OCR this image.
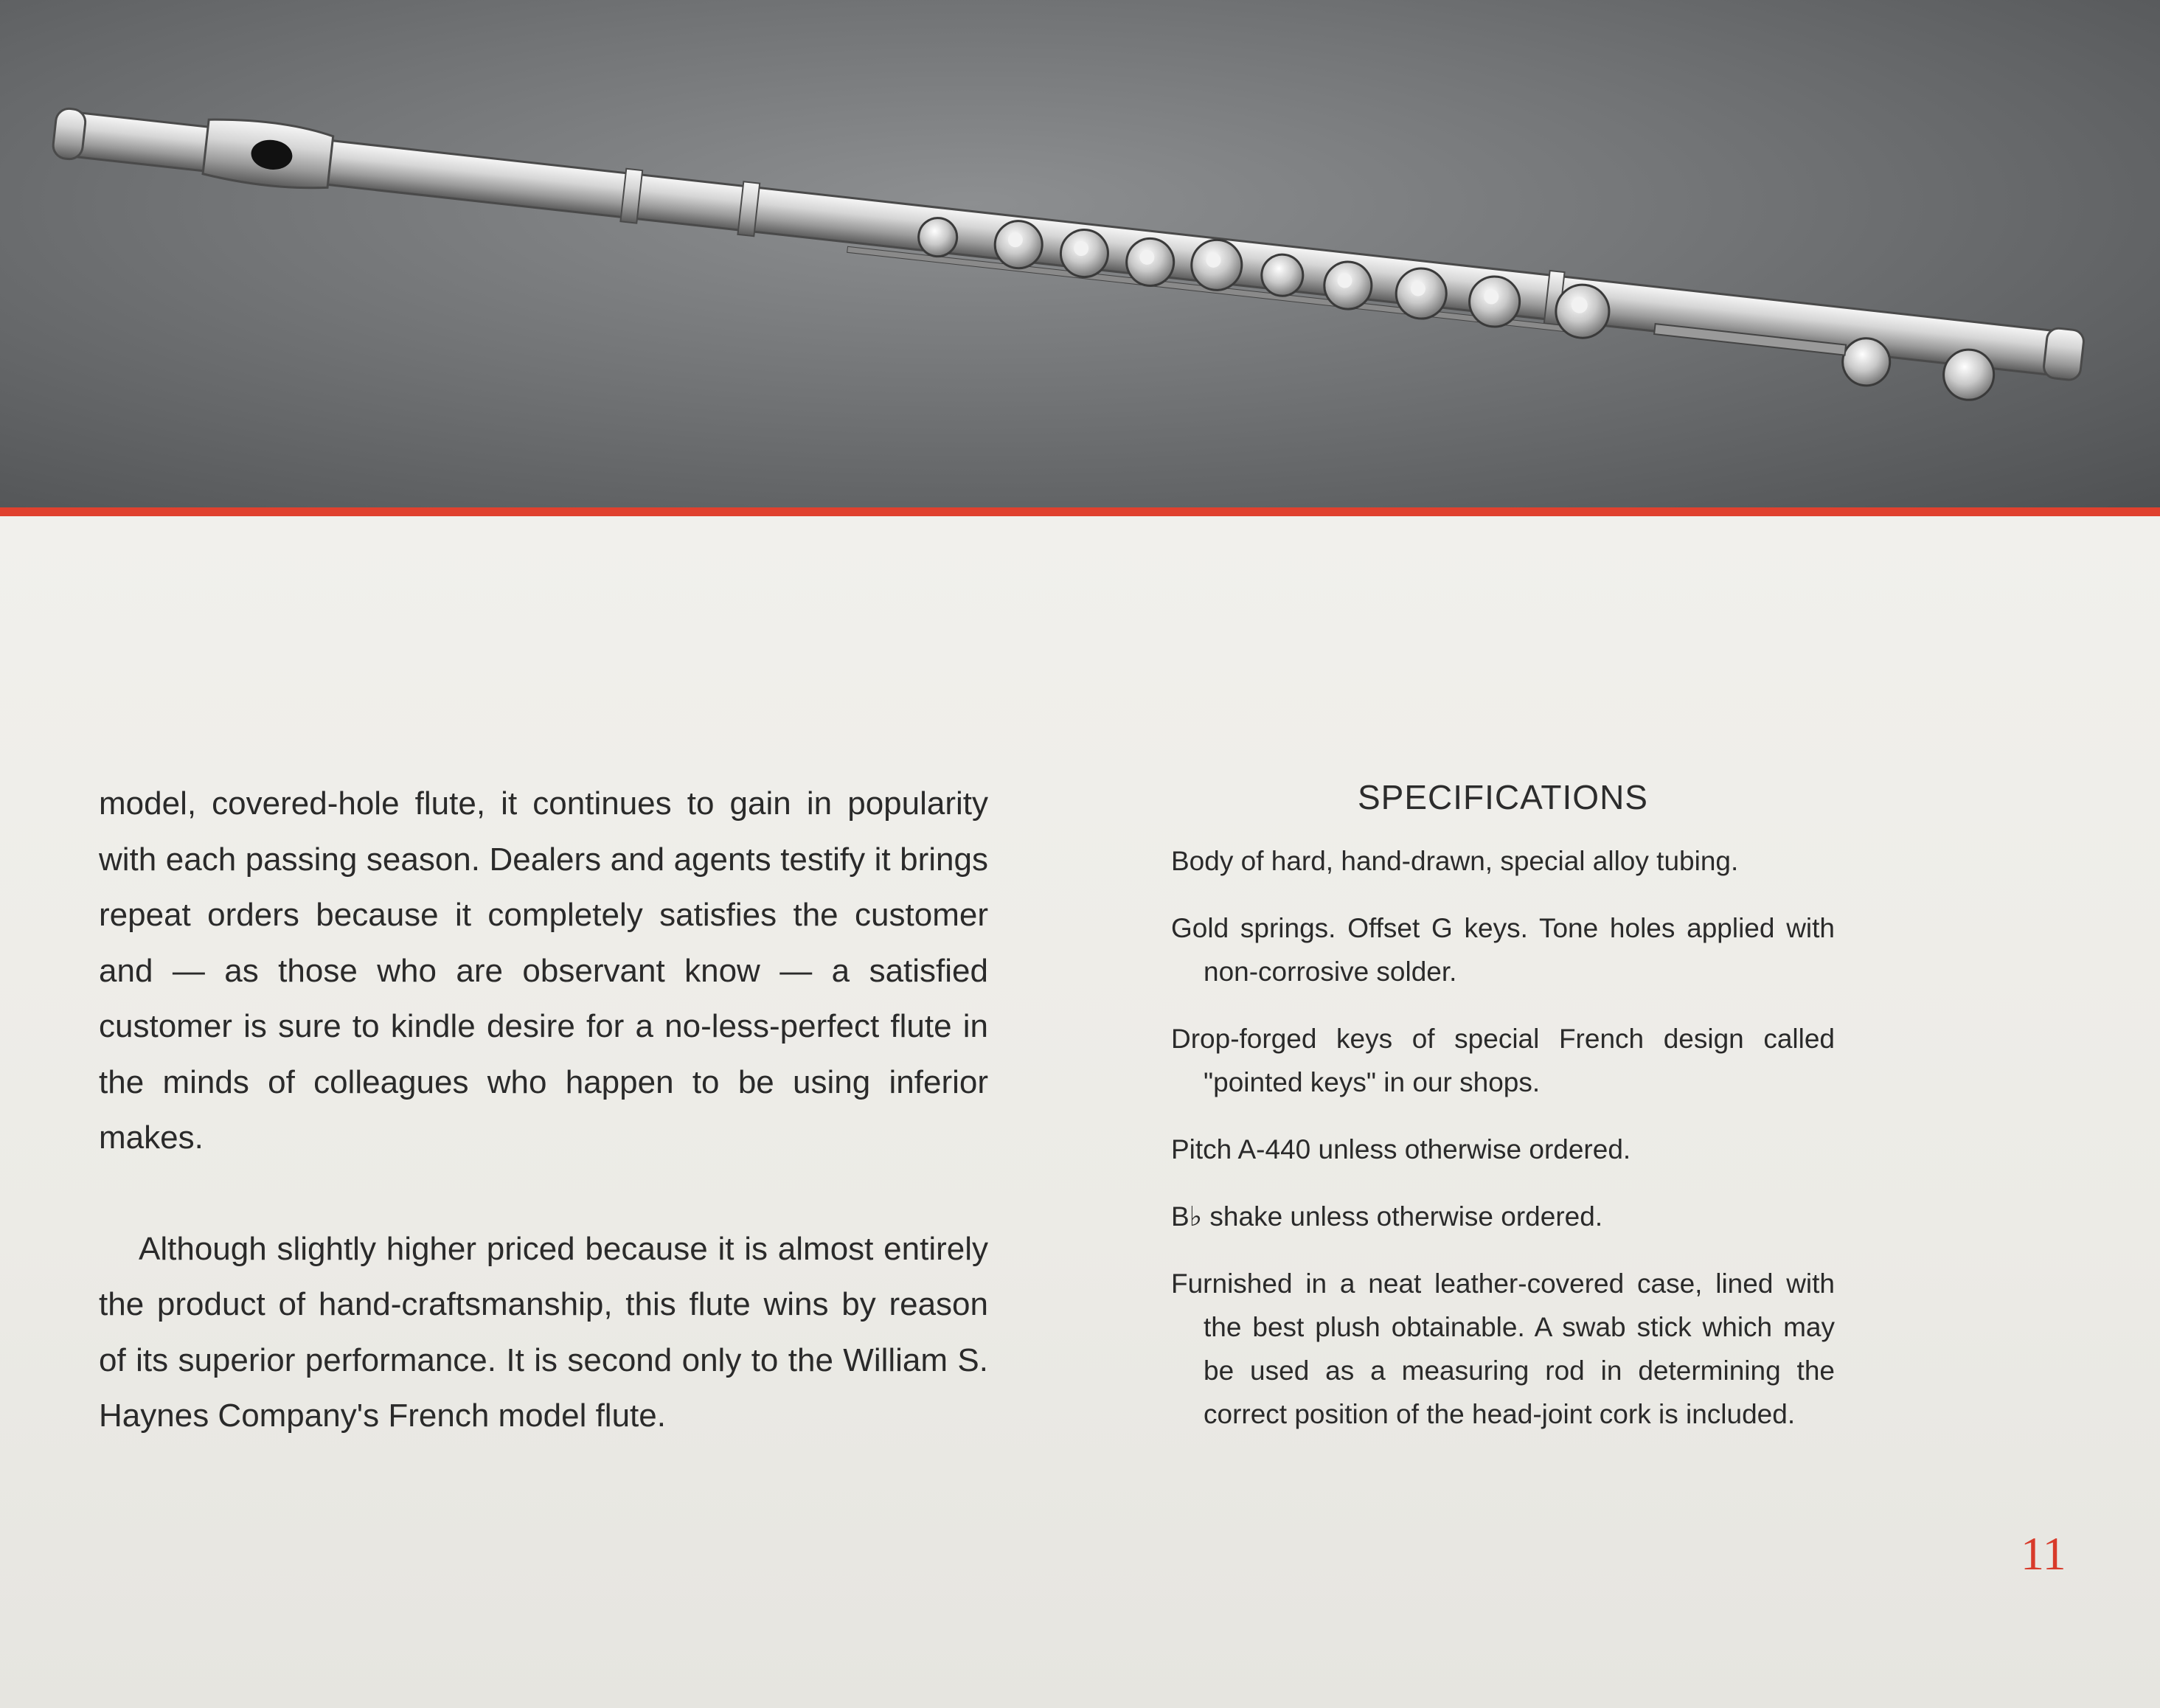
model, covered-hole flute, it continues to gain in popularity with each passing season. Dealers and agents testify it brings repeat orders because it completely satisfies the customer and — as those who are observant know — a satisfied customer is sure to kindle desire for a no-less-perfect flute in the minds of colleagues who happen to be using inferior makes.

Although slightly higher priced because it is almost entirely the product of hand-craftsmanship, this flute wins by reason of its superior performance. It is second only to the William S. Haynes Company's French model flute.

SPECIFICATIONS
Body of hard, hand-drawn, special alloy tubing.
Gold springs. Offset G keys. Tone holes applied with non-corrosive solder.
Drop-forged keys of special French design called "pointed keys" in our shops.
Pitch A-440 unless otherwise ordered.
B♭ shake unless otherwise ordered.
Furnished in a neat leather-covered case, lined with the best plush obtainable. A swab stick which may be used as a measuring rod in determining the correct position of the head-joint cork is included.
11
